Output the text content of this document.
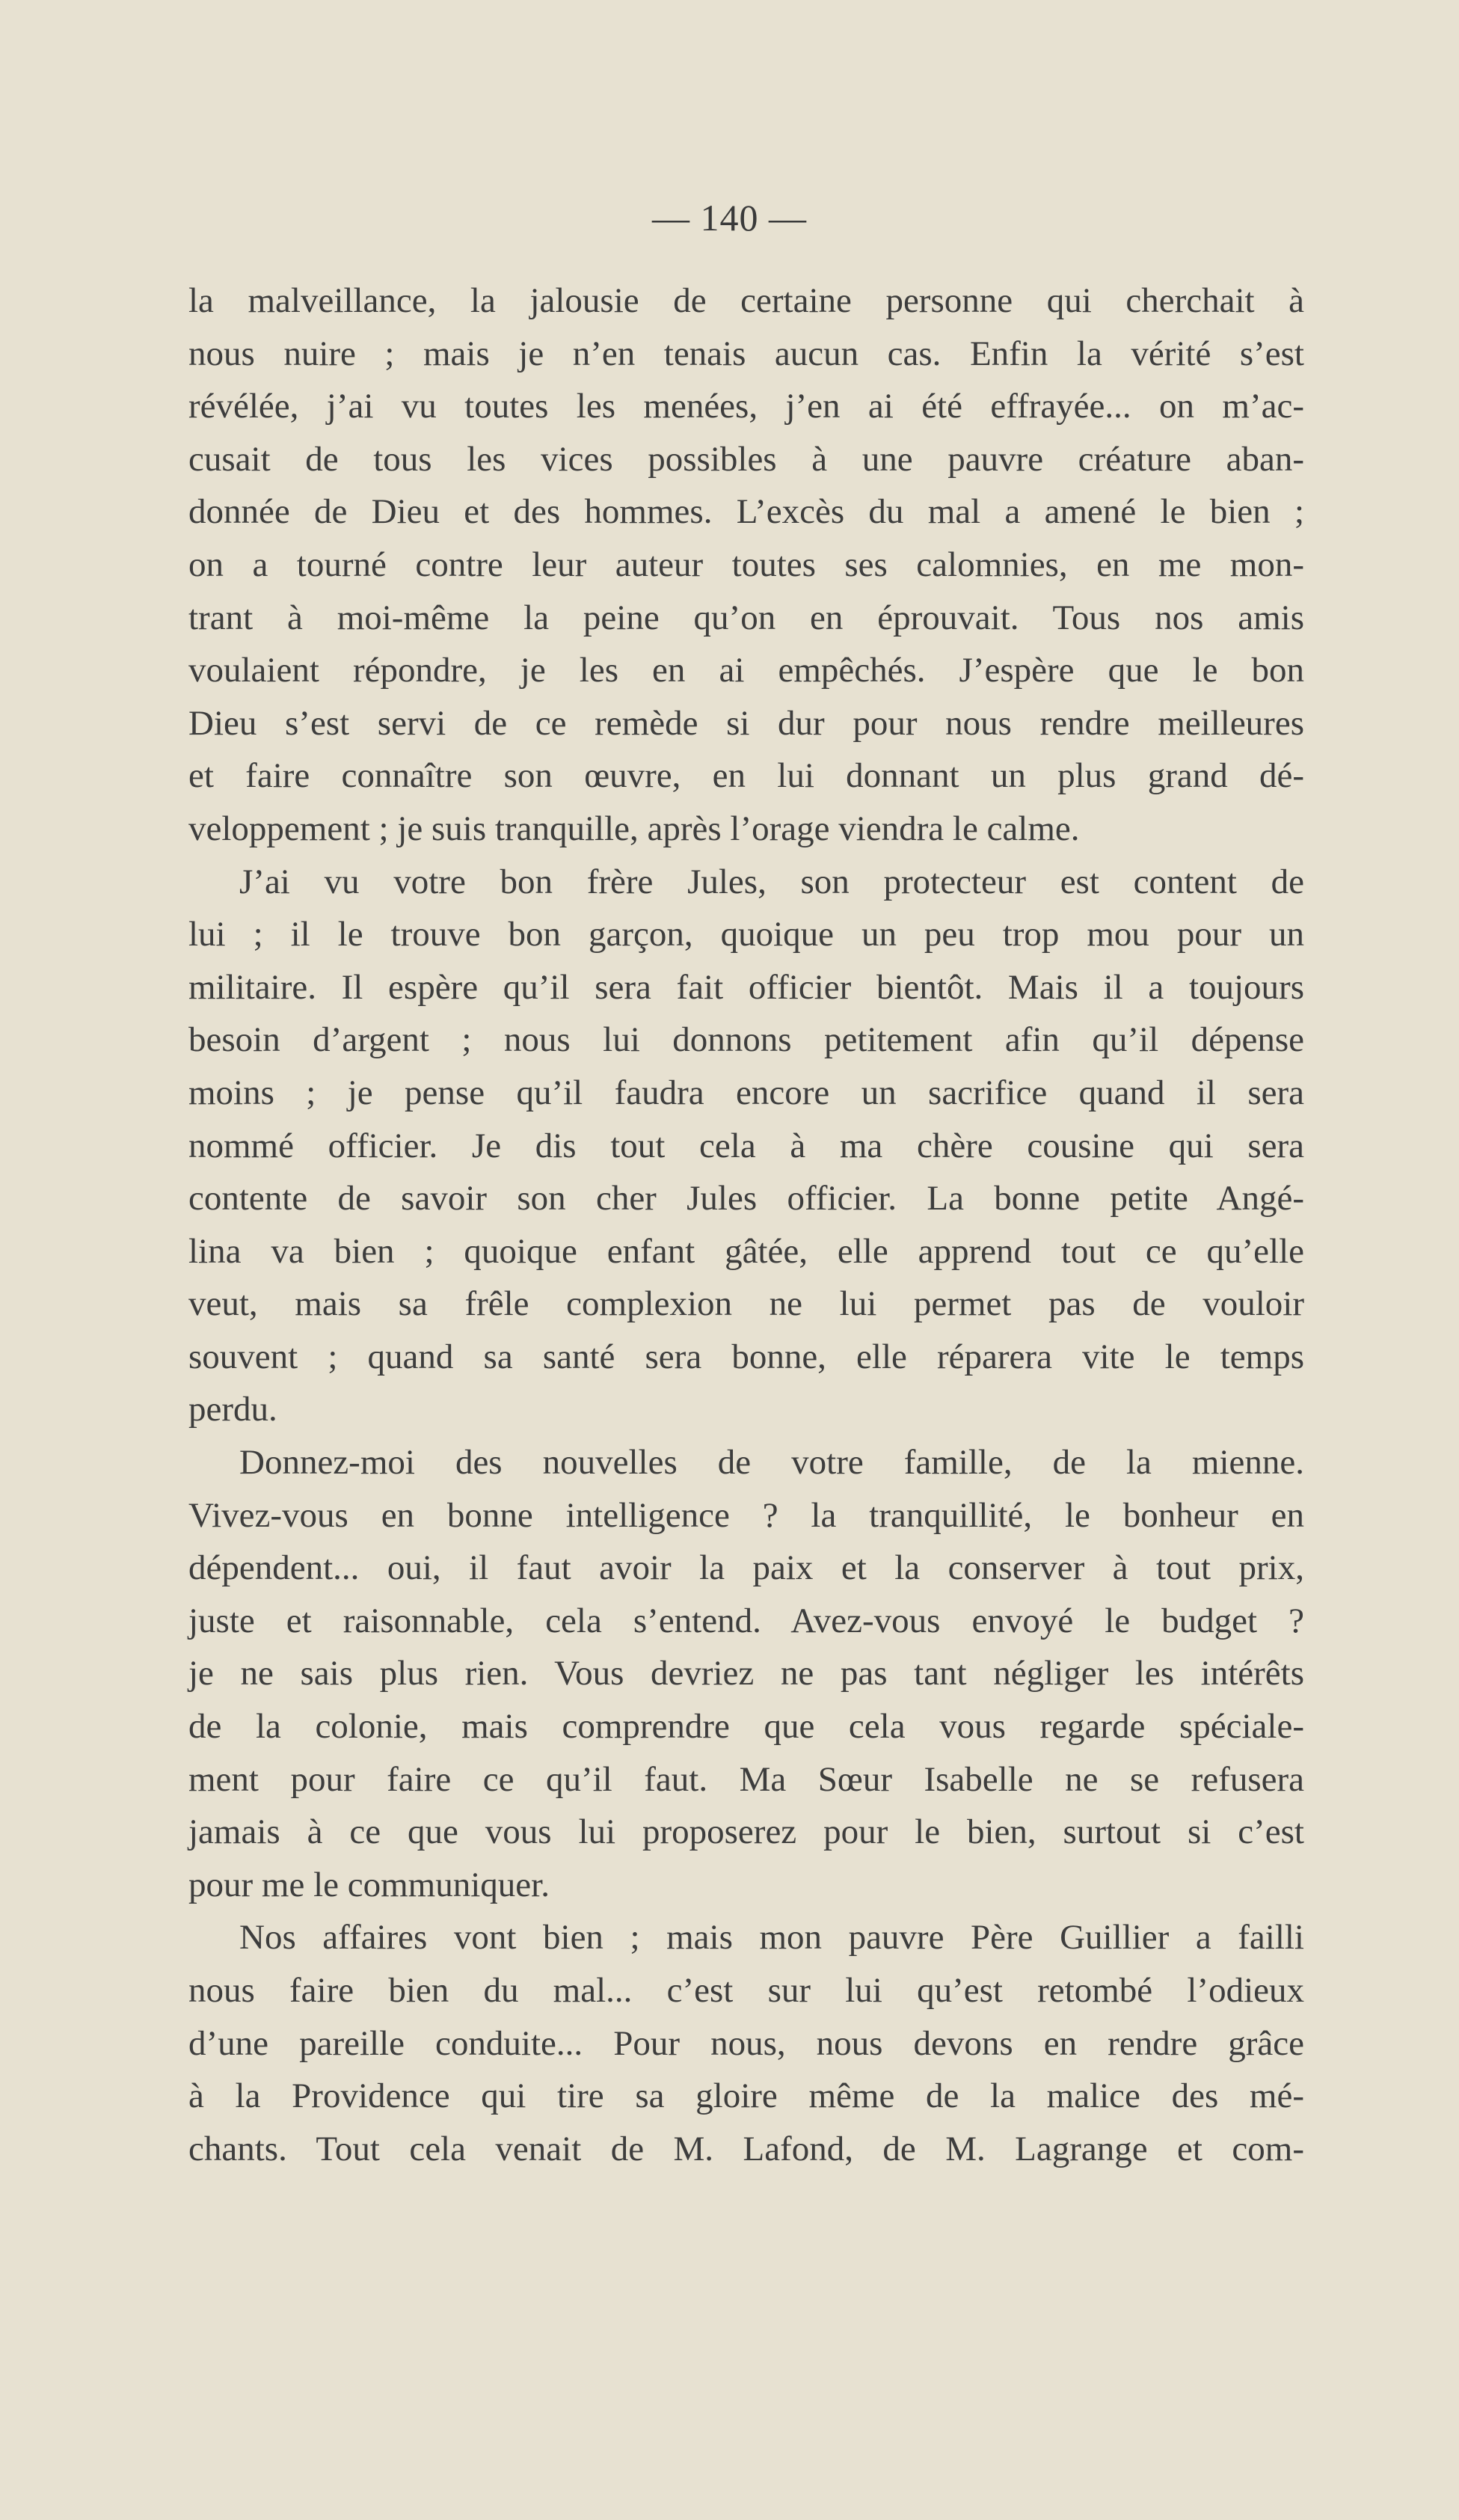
— 140 —
la malveillance, la jalousie de certaine personne qui cherchait à
nous nuire ; mais je n’en tenais aucun cas. Enfin la vérité s’est
révélée, j’ai vu toutes les menées, j’en ai été effrayée... on m’ac-
cusait de tous les vices possibles à une pauvre créature aban-
donnée de Dieu et des hommes. L’excès du mal a amené le bien ;
on a tourné contre leur auteur toutes ses calomnies, en me mon-
trant à moi-même la peine qu’on en éprouvait. Tous nos amis
voulaient répondre, je les en ai empêchés. J’espère que le bon
Dieu s’est servi de ce remède si dur pour nous rendre meilleures
et faire connaître son œuvre, en lui donnant un plus grand dé-
veloppement ; je suis tranquille, après l’orage viendra le calme.
J’ai vu votre bon frère Jules, son protecteur est content de
lui ; il le trouve bon garçon, quoique un peu trop mou pour un
militaire. Il espère qu’il sera fait officier bientôt. Mais il a toujours
besoin d’argent ; nous lui donnons petitement afin qu’il dépense
moins ; je pense qu’il faudra encore un sacrifice quand il sera
nommé officier. Je dis tout cela à ma chère cousine qui sera
contente de savoir son cher Jules officier. La bonne petite Angé-
lina va bien ; quoique enfant gâtée, elle apprend tout ce qu’elle
veut, mais sa frêle complexion ne lui permet pas de vouloir
souvent ; quand sa santé sera bonne, elle réparera vite le temps
perdu.
Donnez-moi des nouvelles de votre famille, de la mienne.
Vivez-vous en bonne intelligence ? la tranquillité, le bonheur en
dépendent... oui, il faut avoir la paix et la conserver à tout prix,
juste et raisonnable, cela s’entend. Avez-vous envoyé le budget ?
je ne sais plus rien. Vous devriez ne pas tant négliger les intérêts
de la colonie, mais comprendre que cela vous regarde spéciale-
ment pour faire ce qu’il faut. Ma Sœur Isabelle ne se refusera
jamais à ce que vous lui proposerez pour le bien, surtout si c’est
pour me le communiquer.
Nos affaires vont bien ; mais mon pauvre Père Guillier a failli
nous faire bien du mal... c’est sur lui qu’est retombé l’odieux
d’une pareille conduite... Pour nous, nous devons en rendre grâce
à la Providence qui tire sa gloire même de la malice des mé-
chants. Tout cela venait de M. Lafond, de M. Lagrange et com-
